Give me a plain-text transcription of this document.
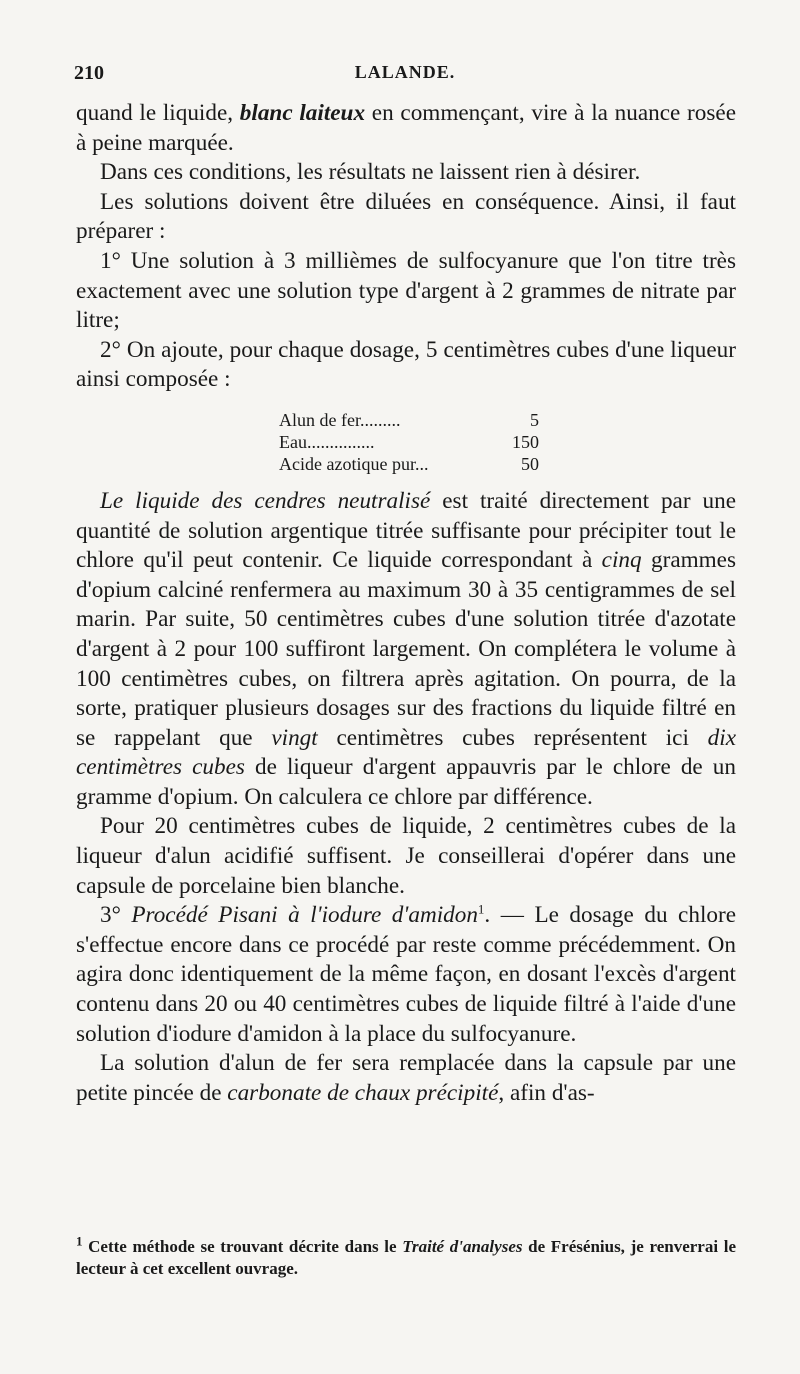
210	LALANDE.

quand le liquide, blanc laiteux en commençant, vire à la nuance rosée à peine marquée.

Dans ces conditions, les résultats ne laissent rien à désirer.

Les solutions doivent être diluées en conséquence. Ainsi, il faut préparer :

1° Une solution à 3 millièmes de sulfocyanure que l'on titre très exactement avec une solution type d'argent à 2 grammes de nitrate par litre;

2° On ajoute, pour chaque dosage, 5 centimètres cubes d'une liqueur ainsi composée :

Alun de fer.........	5
Eau...............	150
Acide azotique pur...	50

Le liquide des cendres neutralisé est traité directement par une quantité de solution argentique titrée suffisante pour précipiter tout le chlore qu'il peut contenir. Ce liquide correspondant à cinq grammes d'opium calciné renfermera au maximum 30 à 35 centigrammes de sel marin. Par suite, 50 centimètres cubes d'une solution titrée d'azotate d'argent à 2 pour 100 suffiront largement. On complétera le volume à 100 centimètres cubes, on filtrera après agitation. On pourra, de la sorte, pratiquer plusieurs dosages sur des fractions du liquide filtré en se rappelant que vingt centimètres cubes représentent ici dix centimètres cubes de liqueur d'argent appauvris par le chlore de un gramme d'opium. On calculera ce chlore par différence.

Pour 20 centimètres cubes de liquide, 2 centimètres cubes de la liqueur d'alun acidifié suffisent. Je conseillerai d'opérer dans une capsule de porcelaine bien blanche.

3° Procédé Pisani à l'iodure d'amidon$^1$. — Le dosage du chlore s'effectue encore dans ce procédé par reste comme précédemment. On agira donc identiquement de la même façon, en dosant l'excès d'argent contenu dans 20 ou 40 centimètres cubes de liquide filtré à l'aide d'une solution d'iodure d'amidon à la place du sulfocyanure.

La solution d'alun de fer sera remplacée dans la capsule par une petite pincée de carbonate de chaux précipité, afin d'as-

$^1$ Cette méthode se trouvant décrite dans le Traité d'analyses de Frésénius, je renverrai le lecteur à cet excellent ouvrage.
